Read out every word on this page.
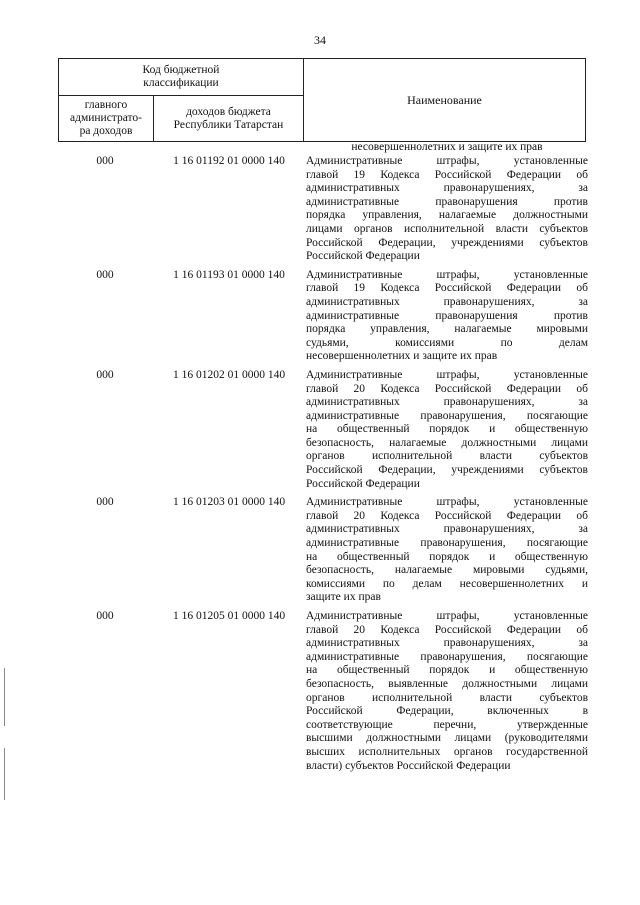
34
Код бюджетной
классификации
главного
администрато-
ра доходов
доходов бюджета
Республики Татарстан
Наименование
несовершеннолетних и защите их прав
000	1 16 01192 01 0000 140	Административные штрафы, установленные
главой 19 Кодекса Российской Федерации об
административных правонарушениях, за
административные правонарушения против
порядка управления, налагаемые должностными
лицами органов исполнительной власти субъектов
Российской Федерации, учреждениями субъектов
Российской Федерации
000	1 16 01193 01 0000 140	Административные штрафы, установленные
главой 19 Кодекса Российской Федерации об
административных правонарушениях, за
административные правонарушения против
порядка управления, налагаемые мировыми
судьями, комиссиями по делам
несовершеннолетних и защите их прав
000	1 16 01202 01 0000 140	Административные штрафы, установленные
главой 20 Кодекса Российской Федерации об
административных правонарушениях, за
административные правонарушения, посягающие
на общественный порядок и общественную
безопасность, налагаемые должностными лицами
органов исполнительной власти субъектов
Российской Федерации, учреждениями субъектов
Российской Федерации
000	1 16 01203 01 0000 140	Административные штрафы, установленные
главой 20 Кодекса Российской Федерации об
административных правонарушениях, за
административные правонарушения, посягающие
на общественный порядок и общественную
безопасность, налагаемые мировыми судьями,
комиссиями по делам несовершеннолетних и
защите их прав
000	1 16 01205 01 0000 140	Административные штрафы, установленные
главой 20 Кодекса Российской Федерации об
административных правонарушениях, за
административные правонарушения, посягающие
на общественный порядок и общественную
безопасность, выявленные должностными лицами
органов исполнительной власти субъектов
Российской Федерации, включенных в
соответствующие перечни, утвержденные
высшими должностными лицами (руководителями
высших исполнительных органов государственной
власти) субъектов Российской Федерации
